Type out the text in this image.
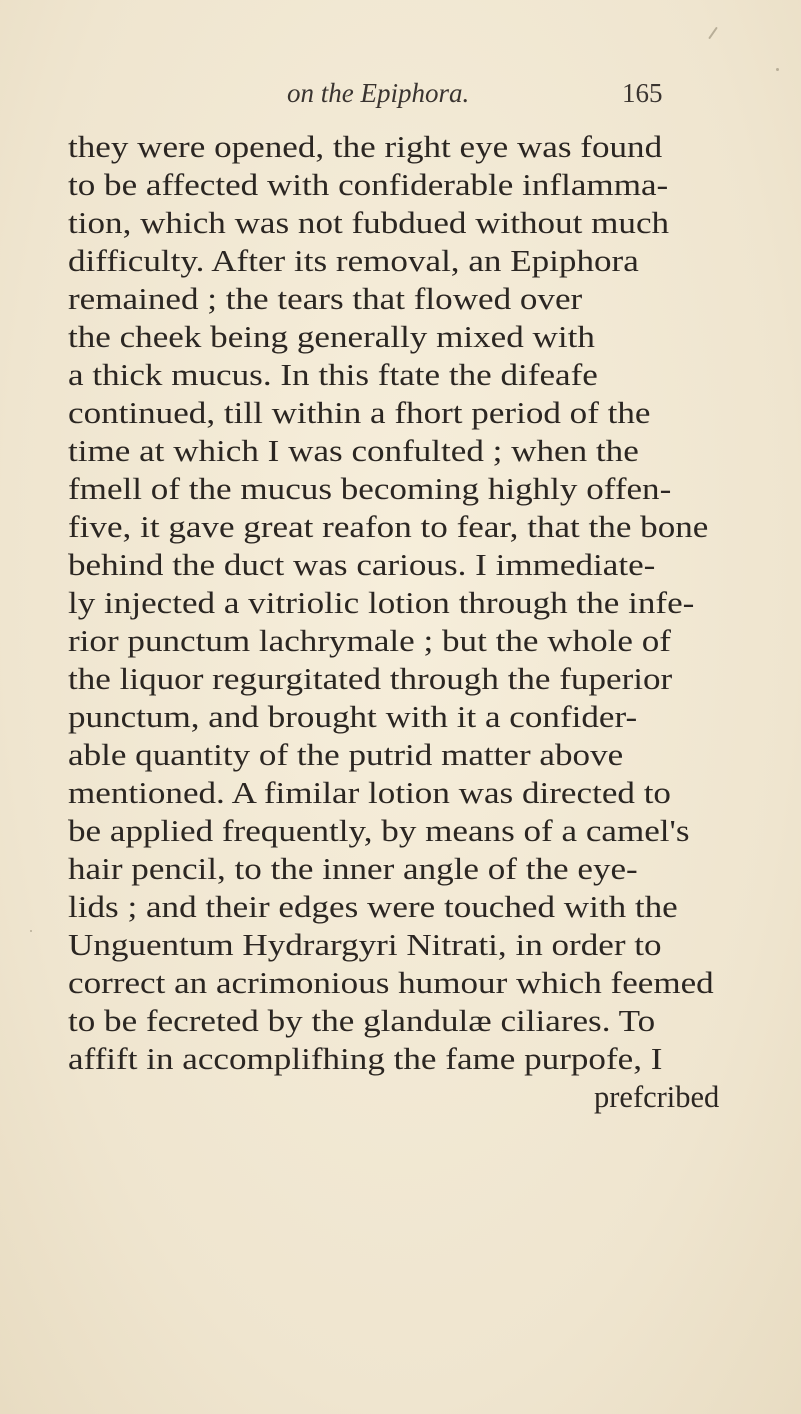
on the Epiphora.	165
they were opened, the right eye was found
to be affected with confiderable inflamma-
tion, which was not fubdued without much
difficulty. After its removal, an Epiphora
remained ; the tears that flowed over
the cheek being generally mixed with
a thick mucus. In this ftate the difeafe
continued, till within a fhort period of the
time at which I was confulted ; when the
fmell of the mucus becoming highly offen-
five, it gave great reafon to fear, that the bone
behind the duct was carious. I immediate-
ly injected a vitriolic lotion through the infe-
rior punctum lachrymale ; but the whole of
the liquor regurgitated through the fuperior
punctum, and brought with it a confider-
able quantity of the putrid matter above
mentioned. A fimilar lotion was directed to
be applied frequently, by means of a camel's
hair pencil, to the inner angle of the eye-
lids ; and their edges were touched with the
Unguentum Hydrargyri Nitrati, in order to
correct an acrimonious humour which feemed
to be fecreted by the glandulæ ciliares. To
affift in accomplifhing the fame purpofe, I
prefcribed
